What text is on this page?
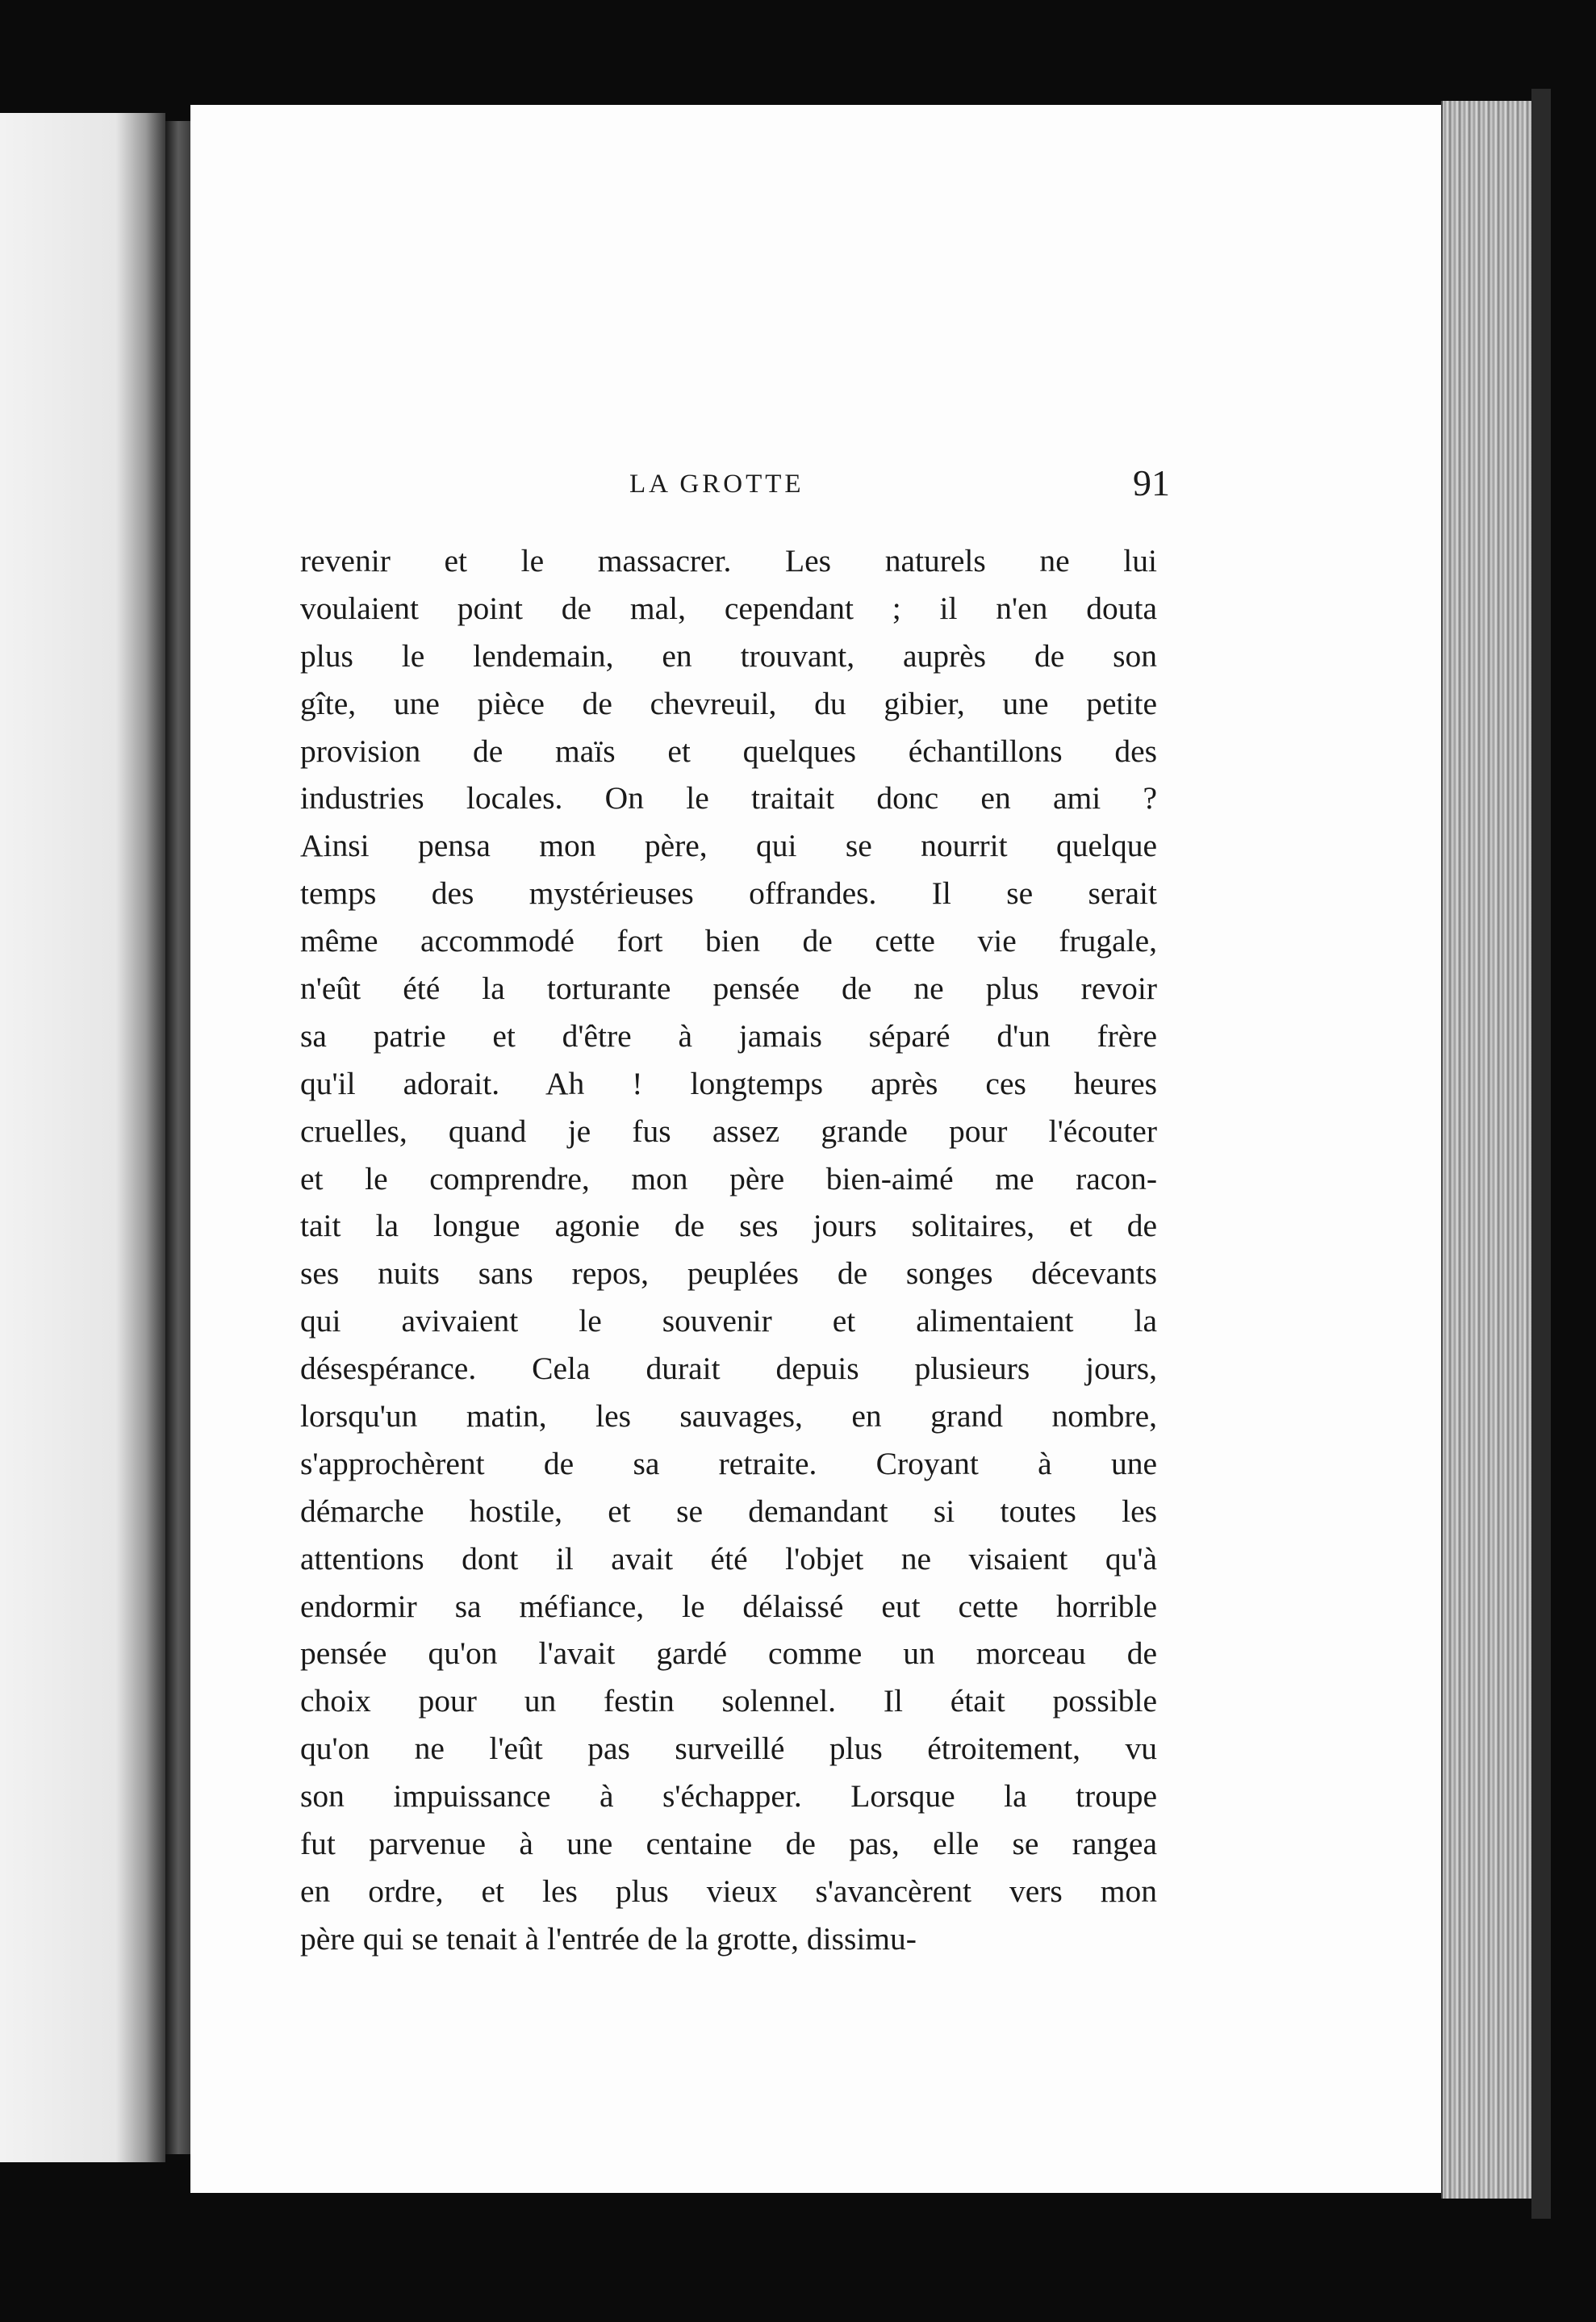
LA GROTTE	91
revenir et le massacrer. Les naturels ne lui
voulaient point de mal, cependant ; il n'en douta
plus le lendemain, en trouvant, auprès de son
gîte, une pièce de chevreuil, du gibier, une petite
provision de maïs et quelques échantillons des
industries locales. On le traitait donc en ami ?
Ainsi pensa mon père, qui se nourrit quelque
temps des mystérieuses offrandes. Il se serait
même accommodé fort bien de cette vie frugale,
n'eût été la torturante pensée de ne plus revoir
sa patrie et d'être à jamais séparé d'un frère
qu'il adorait. Ah ! longtemps après ces heures
cruelles, quand je fus assez grande pour l'écouter
et le comprendre, mon père bien-aimé me racon-
tait la longue agonie de ses jours solitaires, et de
ses nuits sans repos, peuplées de songes décevants
qui avivaient le souvenir et alimentaient la
désespérance. Cela durait depuis plusieurs jours,
lorsqu'un matin, les sauvages, en grand nombre,
s'approchèrent de sa retraite. Croyant à une
démarche hostile, et se demandant si toutes les
attentions dont il avait été l'objet ne visaient qu'à
endormir sa méfiance, le délaissé eut cette horrible
pensée qu'on l'avait gardé comme un morceau de
choix pour un festin solennel. Il était possible
qu'on ne l'eût pas surveillé plus étroitement, vu
son impuissance à s'échapper. Lorsque la troupe
fut parvenue à une centaine de pas, elle se rangea
en ordre, et les plus vieux s'avancèrent vers mon
père qui se tenait à l'entrée de la grotte, dissimu-
